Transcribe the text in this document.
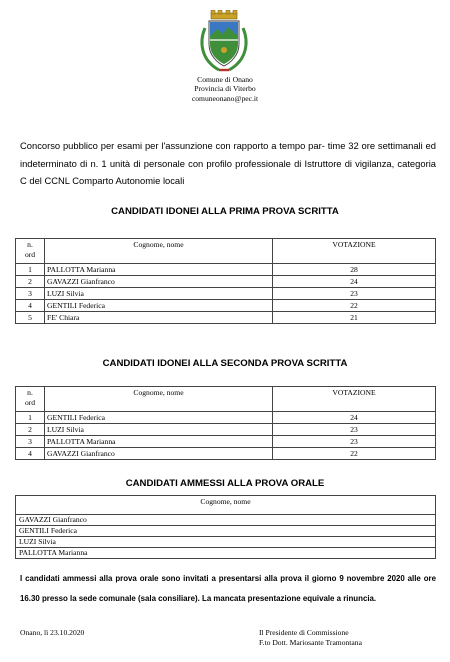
Comune di Onano
Provincia di Viterbo
comuneonano@pec.it
Concorso pubblico per esami per l'assunzione con rapporto a tempo par- time 32 ore settimanali ed indeterminato di n. 1 unità di personale con profilo professionale di Istruttore di vigilanza, categoria C del CCNL Comparto Autonomie locali
CANDIDATI IDONEI ALLA PRIMA PROVA SCRITTA
n.
ord	Cognome, nome	VOTAZIONE
1	PALLOTTA Marianna	28
2	GAVAZZI Gianfranco	24
3	LUZI Silvia	23
4	GENTILI Federica	22
5	FE' Chiara	21
CANDIDATI IDONEI ALLA SECONDA PROVA SCRITTA
n.
ord	Cognome, nome	VOTAZIONE
1	GENTILI Federica	24
2	LUZI Silvia	23
3	PALLOTTA Marianna	23
4	GAVAZZI Gianfranco	22
CANDIDATI AMMESSI ALLA PROVA ORALE
Cognome, nome
GAVAZZI Gianfranco
GENTILI Federica
LUZI Silvia
PALLOTTA Marianna
I candidati ammessi alla prova orale sono invitati a presentarsi alla prova il giorno 9 novembre 2020 alle ore 16.30 presso la sede comunale (sala consiliare). La mancata presentazione equivale a rinuncia.
Onano, lì 23.10.2020	Il Presidente di Commissione
F.to Dott. Mariosante Tramontana
